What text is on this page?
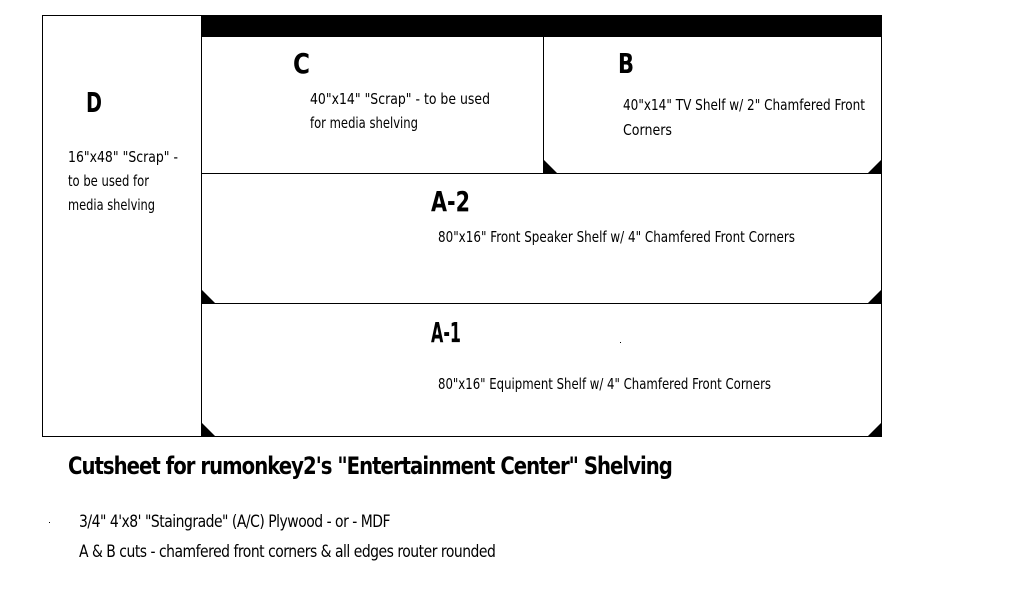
D
16"x48" "Scrap" -
to be used for
media shelving
C
40"x14" "Scrap" - to be used
for media shelving
B
40"x14" TV Shelf w/ 2" Chamfered Front
Corners
A-2
80"x16" Front Speaker Shelf w/ 4" Chamfered Front Corners
A-1
80"x16" Equipment Shelf w/ 4" Chamfered Front Corners
Cutsheet for rumonkey2's "Entertainment Center" Shelving
3/4" 4'x8' "Staingrade" (A/C) Plywood - or - MDF
A & B cuts - chamfered front corners & all edges router rounded
